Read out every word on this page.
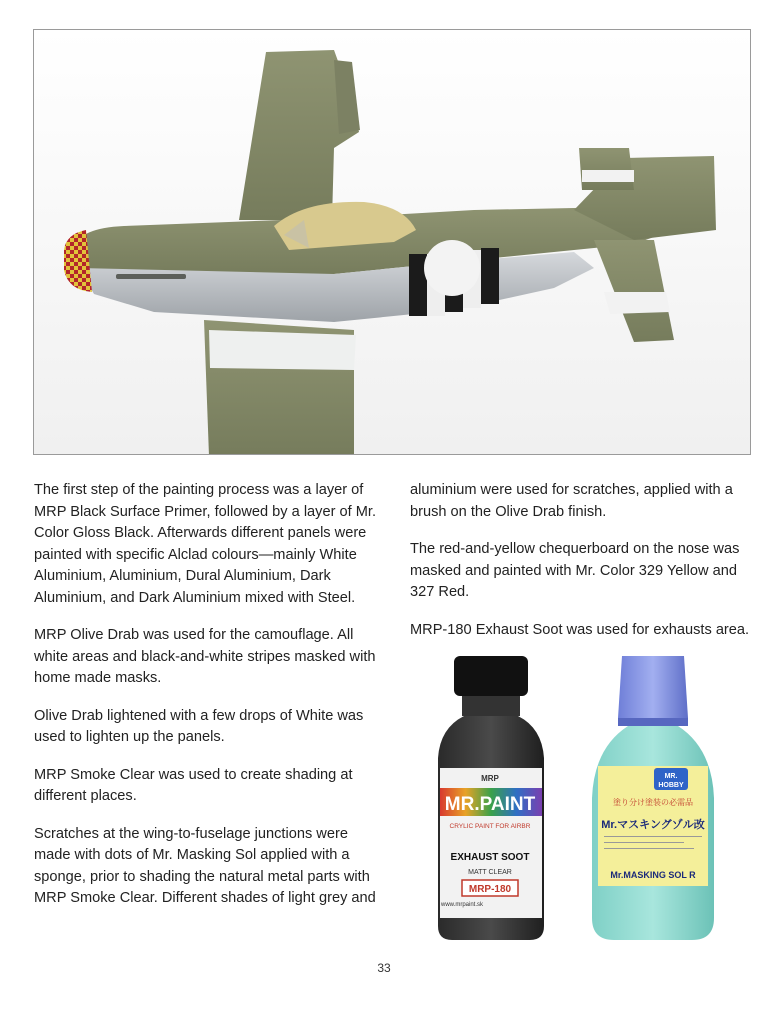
The first step of the painting process was a layer of MRP Black Surface Primer, followed by a layer of Mr. Color Gloss Black. Afterwards different panels were painted with specific Alclad colours—mainly White Aluminium, Aluminium, Dural Aluminium, Dark Aluminium, and Dark Aluminium mixed with Steel.

MRP Olive Drab was used for the camouflage. All white areas and black-and-white stripes masked with home made masks.

Olive Drab lightened with a few drops of White was used to lighten up the panels.

MRP Smoke Clear was used to create shading at different places.

Scratches at the wing-to-fuselage junctions were made with dots of Mr. Masking Sol applied with a sponge, prior to shading the natural metal parts with MRP Smoke Clear. Different shades of light grey and

aluminium were used for scratches, applied with a brush on the Olive Drab finish.

The red-and-yellow chequerboard on the nose was masked and painted with Mr. Color 329 Yellow and 327 Red.

MRP-180 Exhaust Soot was used for exhausts area.

MRP
MR.PAINT
CRYLIC PAINT FOR AIRBR
EXHAUST SOOT
MATT CLEAR
MRP-180
www.mrpaint.sk
MR.
HOBBY
塗り分け塗装の必需品
Mr.マスキングゾル改
Mr.MASKING SOL R
33
